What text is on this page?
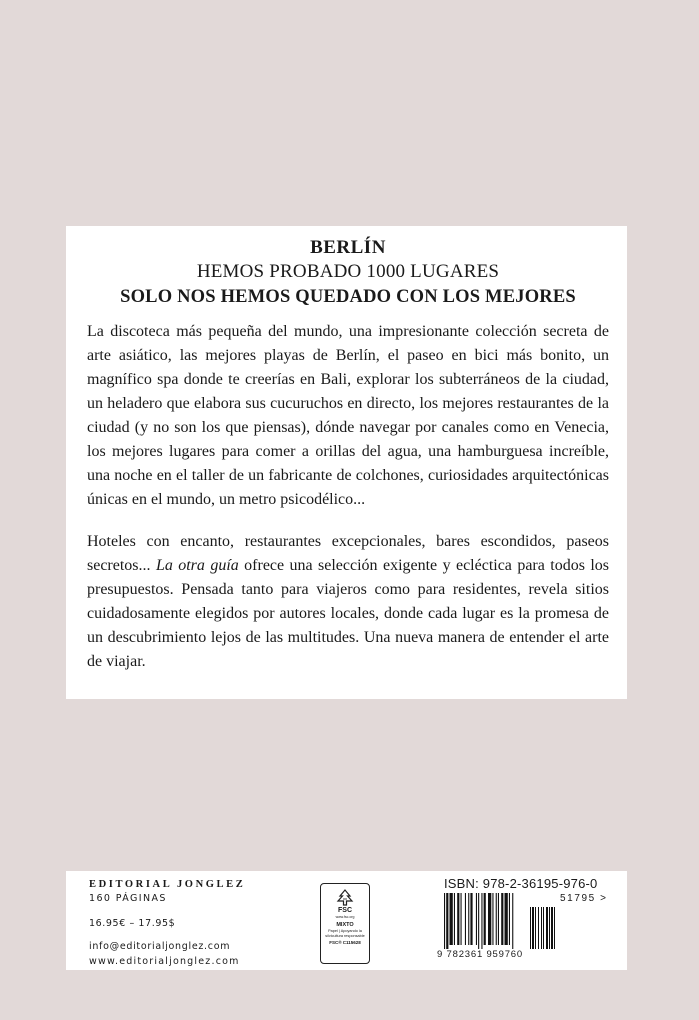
BERLÍN

HEMOS PROBADO 1000 LUGARES

SOLO NOS HEMOS QUEDADO CON LOS MEJORES

La discoteca más pequeña del mundo, una impresionante colección secreta de arte asiático, las mejores playas de Berlín, el paseo en bici más bonito, un magnífico spa donde te creerías en Bali, explorar los subterráneos de la ciudad, un heladero que elabora sus cucuruchos en directo, los mejores restaurantes de la ciudad (y no son los que piensas), dónde navegar por canales como en Venecia, los mejores lugares para comer a orillas del agua, una hamburguesa increíble, una noche en el taller de un fabricante de colchones, curiosidades arquitectónicas únicas en el mundo, un metro psicodélico...

Hoteles con encanto, restaurantes excepcionales, bares escondidos, paseos secretos... La otra guía ofrece una selección exigente y ecléctica para todos los presupuestos. Pensada tanto para viajeros como para residentes, revela sitios cuidadosamente elegidos por autores locales, donde cada lugar es la promesa de un descubrimiento lejos de las multitudes. Una nueva manera de entender el arte de viajar.

EDITORIAL JONGLEZ
160 PÁGINAS
16.95€ – 17.95$
info@editorialjonglez.com
www.editorialjonglez.com
FSC
www.fsc.org
MIXTO
Papel | Apoyando la silvicultura responsable
FSC® C115628
ISBN: 978-2-36195-976-0
51795 >
9 782361 959760
